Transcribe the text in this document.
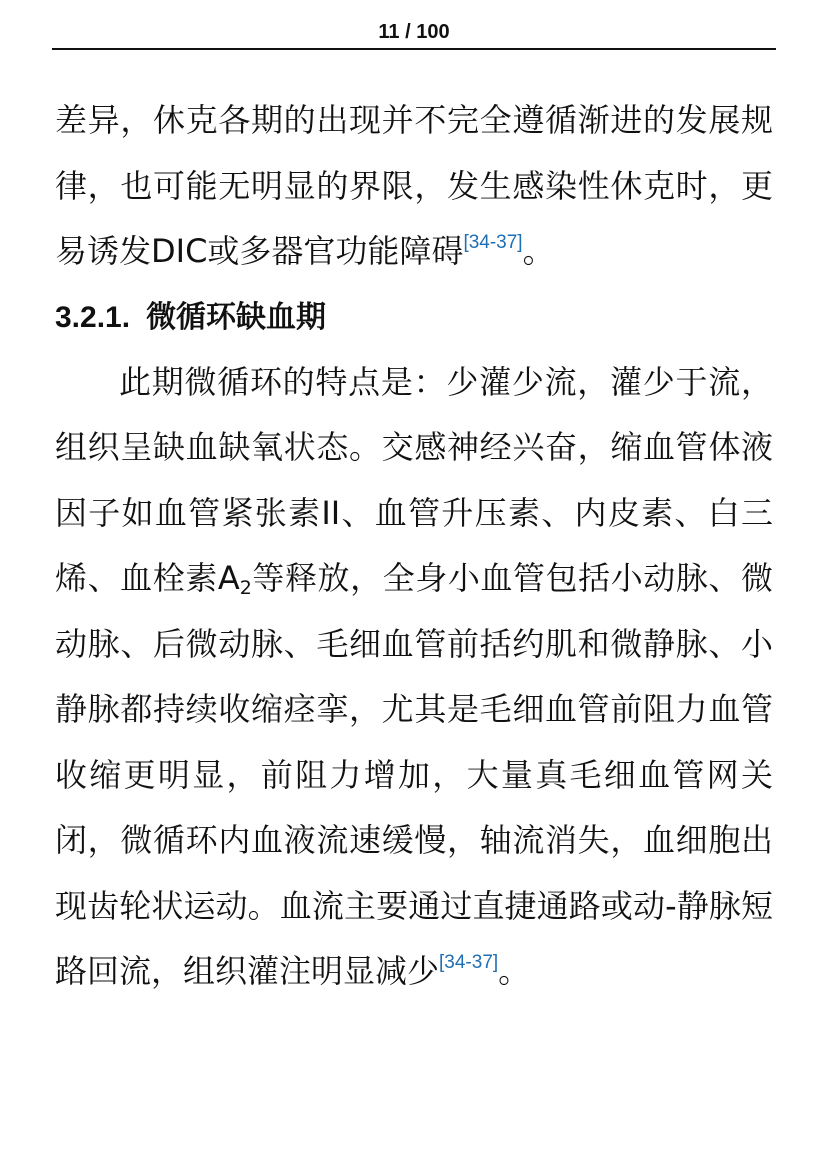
11 / 100

差异，休克各期的出现并不完全遵循渐进的发展规律，也可能无明显的界限，发生感染性休克时，更易诱发DIC或多器官功能障碍[34-37]。

3.2.1. 微循环缺血期

此期微循环的特点是：少灌少流，灌少于流，组织呈缺血缺氧状态。交感神经兴奋，缩血管体液因子如血管紧张素II、血管升压素、内皮素、白三烯、血栓素$A_2$等释放，全身小血管包括小动脉、微动脉、后微动脉、毛细血管前括约肌和微静脉、小静脉都持续收缩痉挛，尤其是毛细血管前阻力血管收缩更明显，前阻力增加，大量真毛细血管网关闭，微循环内血液流速缓慢，轴流消失，血细胞出现齿轮状运动。血流主要通过直捷通路或动-静脉短路回流，组织灌注明显减少[34-37]。
